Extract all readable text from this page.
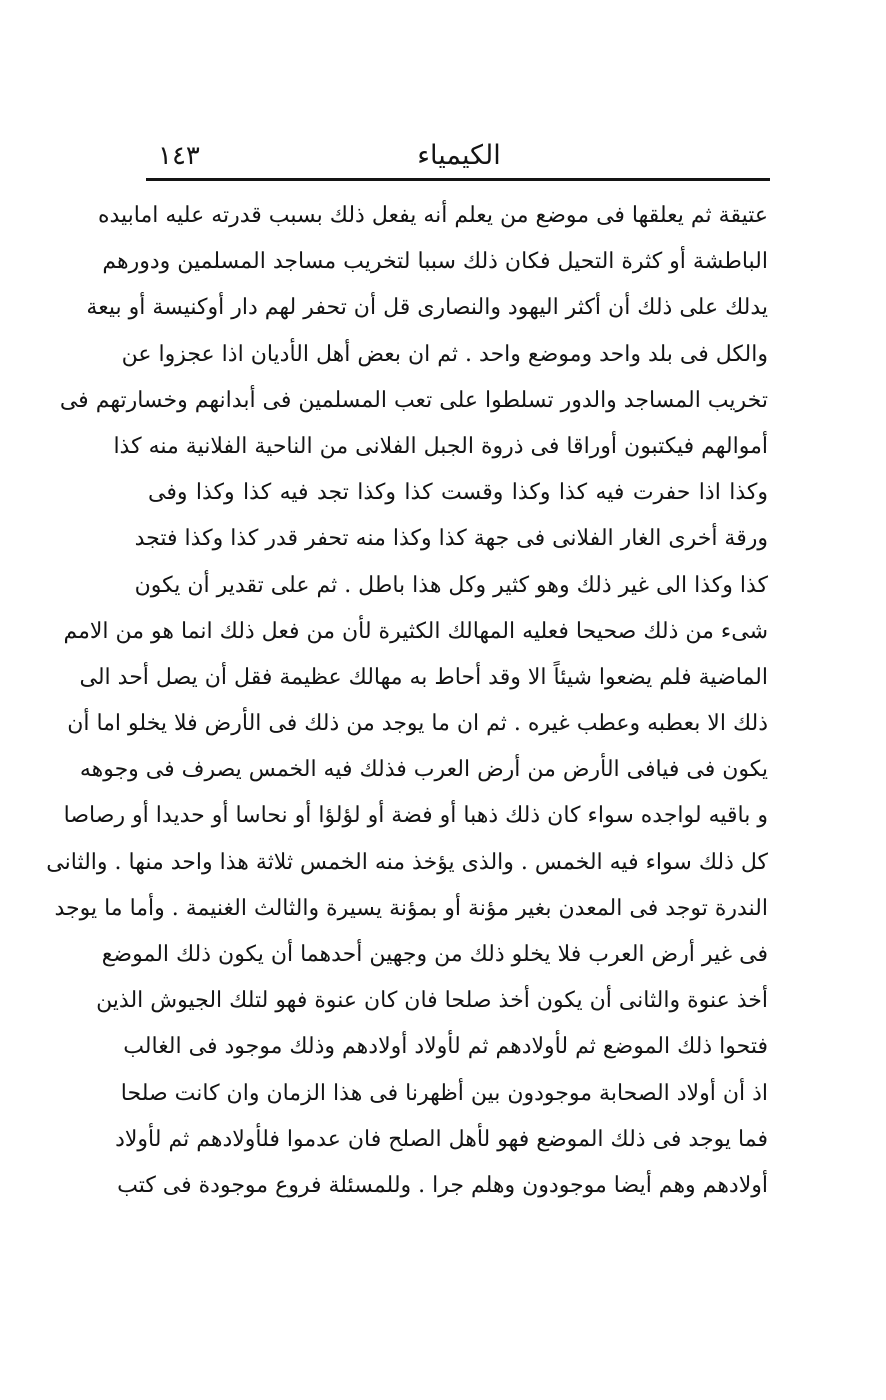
الكيمياء
١٤٣
عتيقة ثم يعلقها فى موضع من يعلم أنه يفعل ذلك بسبب قدرته عليه امابيده
الباطشة أو كثرة التحيل فكان ذلك سببا لتخريب مساجد المسلمين ودورهم
يدلك على ذلك أن أكثر اليهود والنصارى قل أن تحفر لهم دار أوكنيسة أو بيعة
والكل فى بلد واحد وموضع واحد . ثم ان بعض أهل الأديان اذا عجزوا عن
تخريب المساجد والدور تسلطوا على تعب المسلمين فى أبدانهم وخسارتهم فى
أموالهم فيكتبون أوراقا فى ذروة الجبل الفلانى من الناحية الفلانية منه كذا
وكذا اذا حفرت فيه كذا وكذا وقست كذا وكذا تجد فيه كذا وكذا وفى
ورقة أخرى الغار الفلانى فى جهة كذا وكذا منه تحفر قدر كذا وكذا فتجد
كذا وكذا الى غير ذلك وهو كثير وكل هذا باطل . ثم على تقدير أن يكون
شىء من ذلك صحيحا فعليه المهالك الكثيرة لأن من فعل ذلك انما هو من الامم
الماضية فلم يضعوا شيئاً الا وقد أحاط به مهالك عظيمة فقل أن يصل أحد الى
ذلك الا بعطبه وعطب غيره . ثم ان ما يوجد من ذلك فى الأرض فلا يخلو اما أن
يكون فى فيافى الأرض من أرض العرب فذلك فيه الخمس يصرف فى وجوهه
و باقيه لواجده سواء كان ذلك ذهبا أو فضة أو لؤلؤا أو نحاسا أو حديدا أو رصاصا
كل ذلك سواء فيه الخمس . والذى يؤخذ منه الخمس ثلاثة هذا واحد منها . والثانى
الندرة توجد فى المعدن بغير مؤنة أو بمؤنة يسيرة والثالث الغنيمة . وأما ما يوجد
فى غير أرض العرب فلا يخلو ذلك من وجهين أحدهما أن يكون ذلك الموضع
أخذ عنوة والثانى أن يكون أخذ صلحا فان كان عنوة فهو لتلك الجيوش الذين
فتحوا ذلك الموضع ثم لأولادهم ثم لأولاد أولادهم وذلك موجود فى الغالب
اذ أن أولاد الصحابة موجودون بين أظهرنا فى هذا الزمان وان كانت صلحا
فما يوجد فى ذلك الموضع فهو لأهل الصلح فان عدموا فلأولادهم ثم لأولاد
أولادهم وهم أيضا موجودون وهلم جرا . وللمسئلة فروع موجودة فى كتب
